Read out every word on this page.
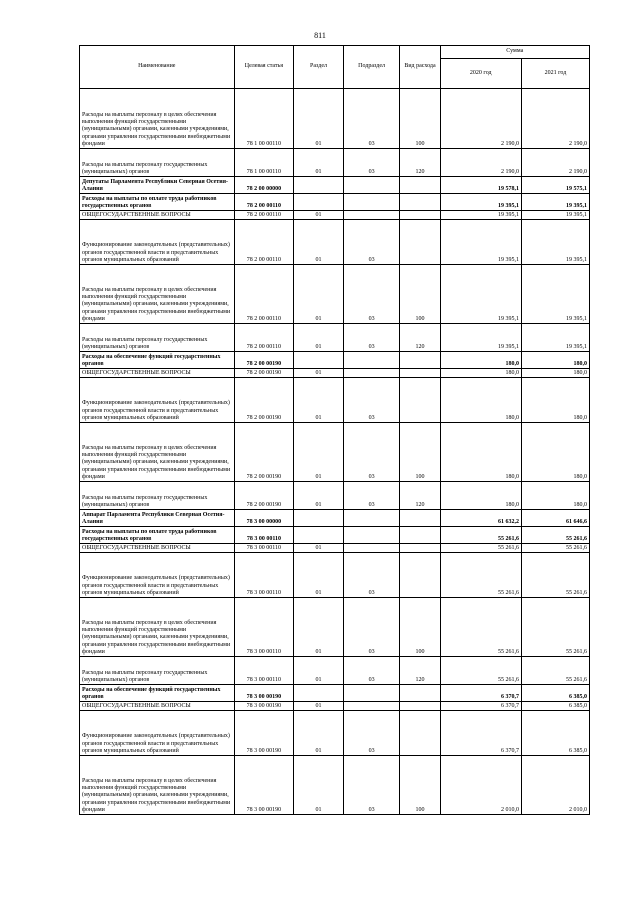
811
Наименование	Целевая статья	Раздел	Подраздел	Вид расхода	Сумма	
					2020 год	2021 год
Расходы на выплаты персоналу в целях обеспечения выполнения функций государственными (муниципальными) органами, казенными учреждениями, органами управления государственными внебюджетными фондами	78 1 00 00110	01	03	100	2 190,0	2 190,0
Расходы на выплаты персоналу государственных (муниципальных) органов	78 1 00 00110	01	03	120	2 190,0	2 190,0
Депутаты Парламента Республики Северная Осетия-Алания	78 2 00 00000				19 578,1	19 575,1
Расходы на выплаты по оплате труда работников государственных органов	78 2 00 00110				19 395,1	19 395,1
ОБЩЕГОСУДАРСТВЕННЫЕ ВОПРОСЫ	78 2 00 00110	01			19 395,1	19 395,1
Функционирование законодательных (представительных) органов государственной власти и представительных органов муниципальных образований	78 2 00 00110	01	03		19 395,1	19 395,1
Расходы на выплаты персоналу в целях обеспечения выполнения функций государственными (муниципальными) органами, казенными учреждениями, органами управления государственными внебюджетными фондами	78 2 00 00110	01	03	100	19 395,1	19 395,1
Расходы на выплаты персоналу государственных (муниципальных) органов	78 2 00 00110	01	03	120	19 395,1	19 395,1
Расходы на обеспечение функций государственных органов	78 2 00 00190				180,0	180,0
ОБЩЕГОСУДАРСТВЕННЫЕ ВОПРОСЫ	78 2 00 00190	01			180,0	180,0
Функционирование законодательных (представительных) органов государственной власти и представительных органов муниципальных образований	78 2 00 00190	01	03		180,0	180,0
Расходы на выплаты персоналу в целях обеспечения выполнения функций государственными (муниципальными) органами, казенными учреждениями, органами управления государственными внебюджетными фондами	78 2 00 00190	01	03	100	180,0	180,0
Расходы на выплаты персоналу государственных (муниципальных) органов	78 2 00 00190	01	03	120	180,0	180,0
Аппарат Парламента Республики Северная Осетия-Алания	78 3 00 00000				61 632,2	61 646,6
Расходы на выплаты по оплате труда работников государственных органов	78 3 00 00110				55 261,6	55 261,6
ОБЩЕГОСУДАРСТВЕННЫЕ ВОПРОСЫ	78 3 00 00110	01			55 261,6	55 261,6
Функционирование законодательных (представительных) органов государственной власти и представительных органов муниципальных образований	78 3 00 00110	01	03		55 261,6	55 261,6
Расходы на выплаты персоналу в целях обеспечения выполнения функций государственными (муниципальными) органами, казенными учреждениями, органами управления государственными внебюджетными фондами	78 3 00 00110	01	03	100	55 261,6	55 261,6
Расходы на выплаты персоналу государственных (муниципальных) органов	78 3 00 00110	01	03	120	55 261,6	55 261,6
Расходы на обеспечение функций государственных органов	78 3 00 00190				6 370,7	6 385,0
ОБЩЕГОСУДАРСТВЕННЫЕ ВОПРОСЫ	78 3 00 00190	01			6 370,7	6 385,0
Функционирование законодательных (представительных) органов государственной власти и представительных органов муниципальных образований	78 3 00 00190	01	03		6 370,7	6 385,0
Расходы на выплаты персоналу в целях обеспечения выполнения функций государственными (муниципальными) органами, казенными учреждениями, органами управления государственными внебюджетными фондами	78 3 00 00190	01	03	100	2 010,0	2 010,0
